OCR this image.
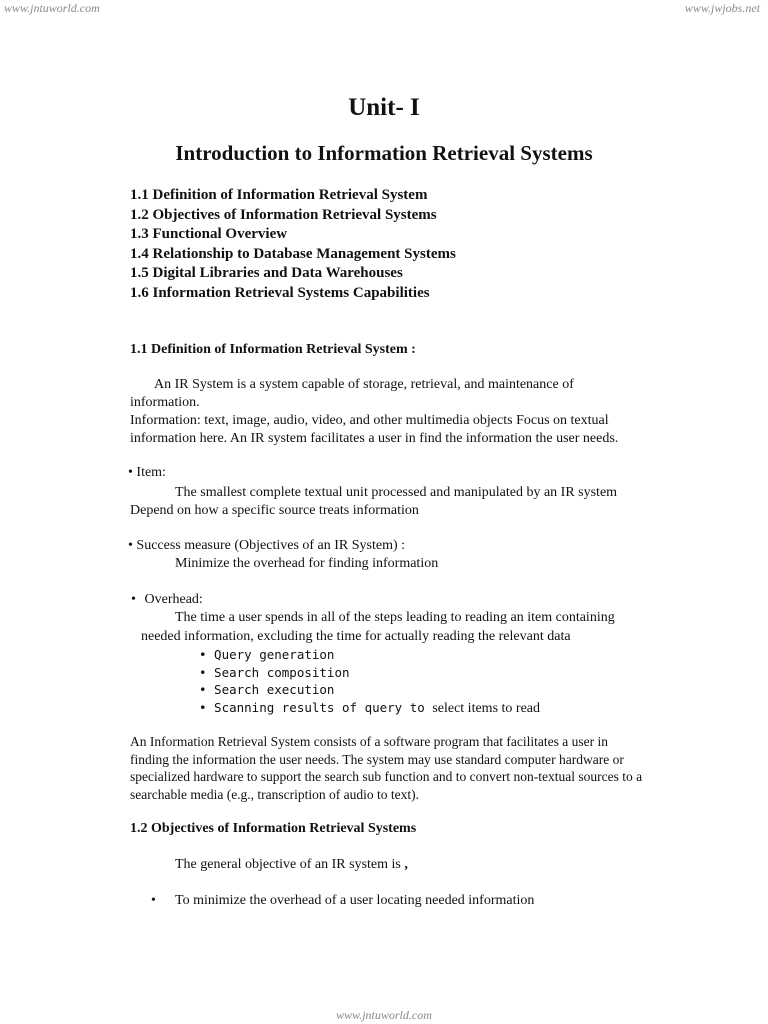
www.jntuworld.com	www.jwjobs.net
Unit- I
Introduction to Information Retrieval Systems
1.1 Definition of Information Retrieval System
1.2 Objectives of Information Retrieval Systems
1.3 Functional Overview
1.4 Relationship to Database Management Systems
1.5 Digital Libraries and Data Warehouses
1.6 Information Retrieval Systems Capabilities
1.1 Definition of Information Retrieval System :
An IR System is a system capable of storage, retrieval, and maintenance of
information.
Information: text, image, audio, video, and other multimedia objects Focus on textual
information here. An IR system facilitates a user in find the information the user needs.
• Item:
The smallest complete textual unit processed and manipulated by an IR system
Depend on how a specific source treats information
• Success measure (Objectives of an IR System) :
Minimize the overhead for finding information
• Overhead:
The time a user spends in all of the steps leading to reading an item containing
needed information, excluding the time for actually reading the relevant data
• Query generation
• Search composition
• Search execution
• Scanning results of query to select items to read
An Information Retrieval System consists of a software program that facilitates a user in
finding the information the user needs. The system may use standard computer hardware or
specialized hardware to support the search sub function and to convert non-textual sources to a
searchable media (e.g., transcription of audio to text).
1.2 Objectives of Information Retrieval Systems
The general objective of an IR system is ,
• To minimize the overhead of a user locating needed information
www.jntuworld.com
